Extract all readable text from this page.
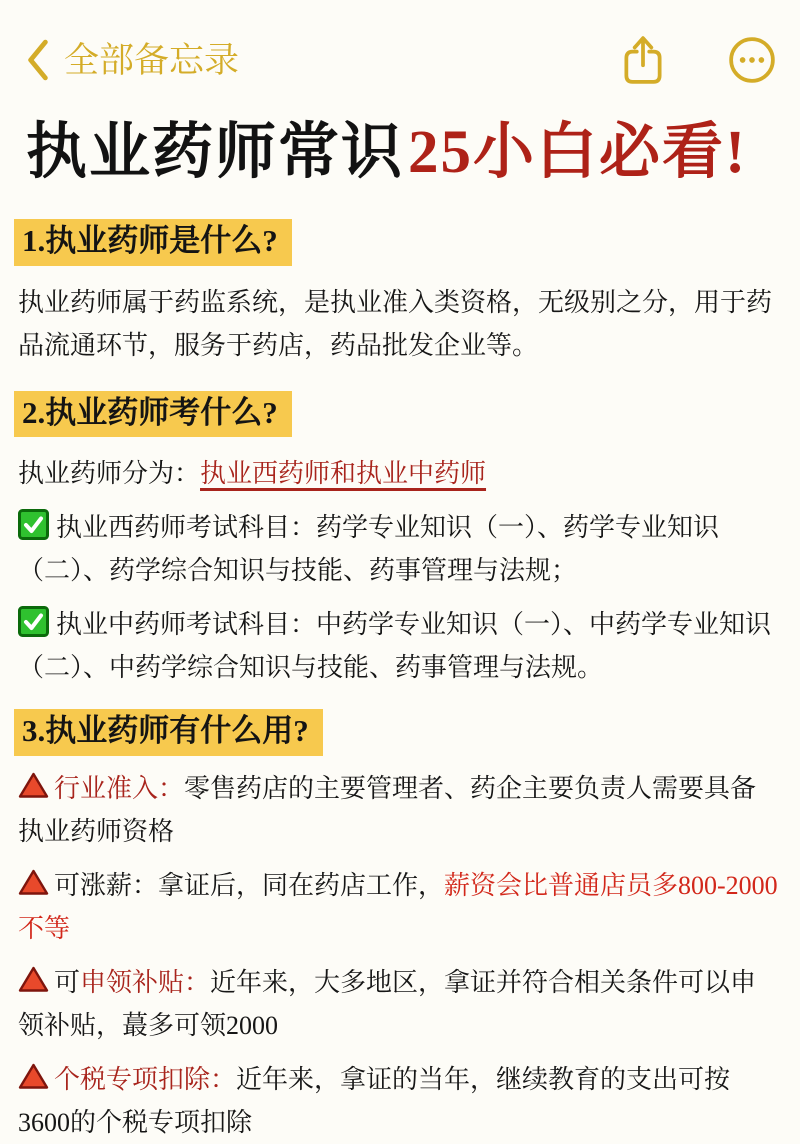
全部备忘录
执业药师常识25小白必看!
1.执业药师是什么?

执业药师属于药监系统，是执业准入类资格，无级别之分，用于药品流通环节，服务于药店，药品批发企业等。

2.执业药师考什么?

执业药师分为：执业西药师和执业中药师

执业西药师考试科目：药学专业知识（一）、药学专业知识（二）、药学综合知识与技能、药事管理与法规；

执业中药师考试科目：中药学专业知识（一）、中药学专业知识（二）、中药学综合知识与技能、药事管理与法规。

3.执业药师有什么用?

行业准入：零售药店的主要管理者、药企主要负责人需要具备执业药师资格

可涨薪：拿证后，同在药店工作，薪资会比普通店员多800-2000不等

可申领补贴：近年来，大多地区，拿证并符合相关条件可以申领补贴，蕞多可领2000

个税专项扣除：近年来，拿证的当年，继续教育的支出可按3600的个税专项扣除
